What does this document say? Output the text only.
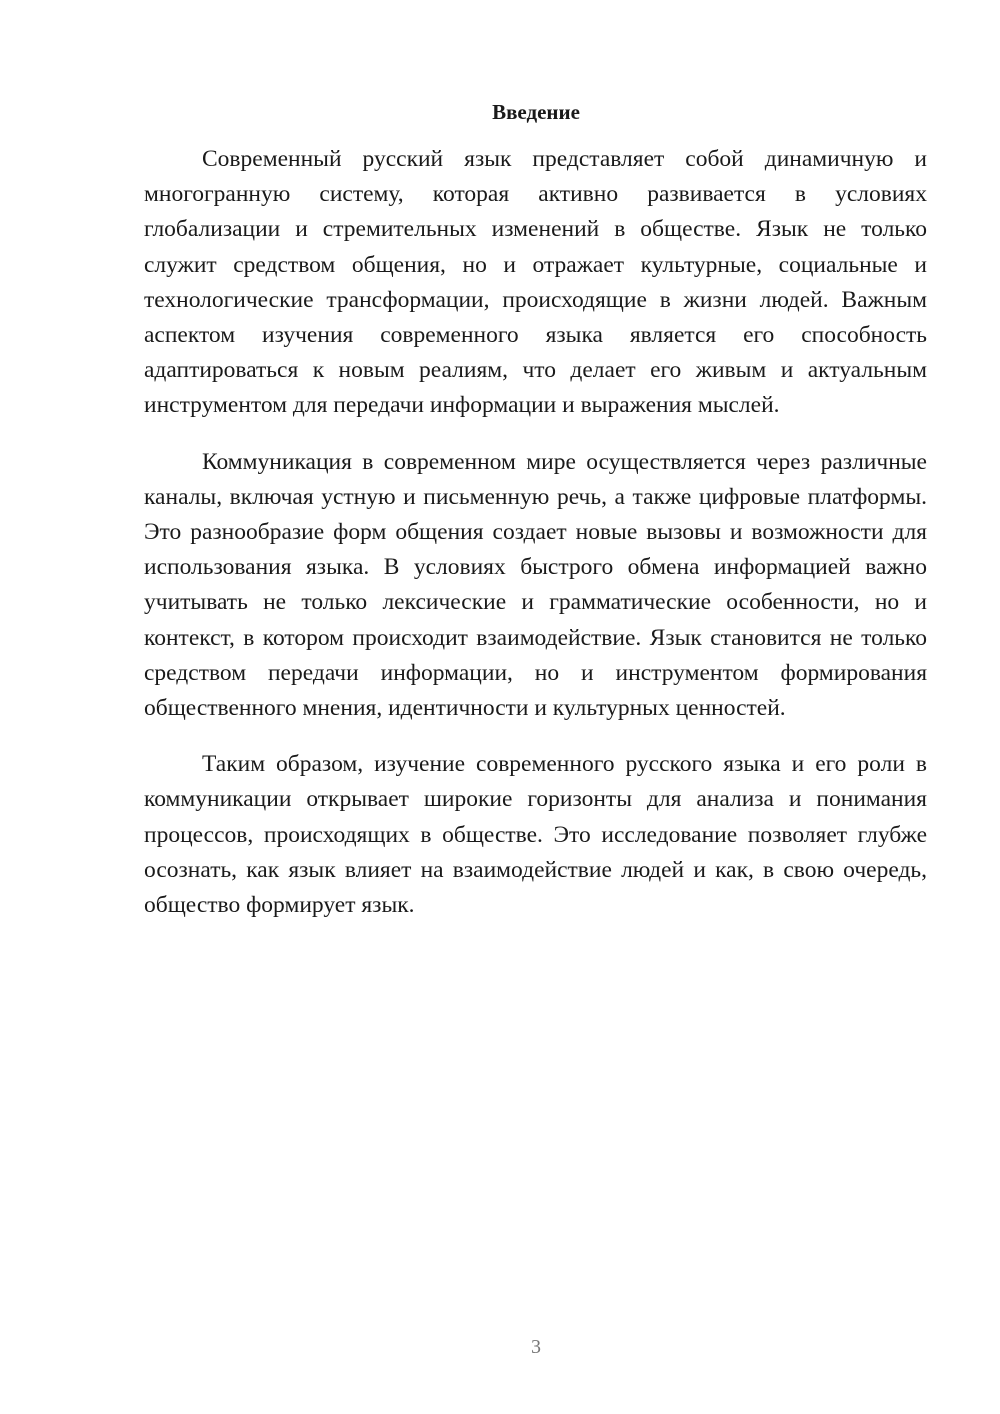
Введение

Современный русский язык представляет собой динамичную и многогранную систему, которая активно развивается в условиях глобализации и стремительных изменений в обществе. Язык не только служит средством общения, но и отражает культурные, социальные и технологические трансформации, происходящие в жизни людей. Важным аспектом изучения современного языка является его способность адаптироваться к новым реалиям, что делает его живым и актуальным инструментом для передачи информации и выражения мыслей.

Коммуникация в современном мире осуществляется через различные каналы, включая устную и письменную речь, а также цифровые платформы. Это разнообразие форм общения создает новые вызовы и возможности для использования языка. В условиях быстрого обмена информацией важно учитывать не только лексические и грамматические особенности, но и контекст, в котором происходит взаимодействие. Язык становится не только средством передачи информации, но и инструментом формирования общественного мнения, идентичности и культурных ценностей.

Таким образом, изучение современного русского языка и его роли в коммуникации открывает широкие горизонты для анализа и понимания процессов, происходящих в обществе. Это исследование позволяет глубже осознать, как язык влияет на взаимодействие людей и как, в свою очередь, общество формирует язык.

3
